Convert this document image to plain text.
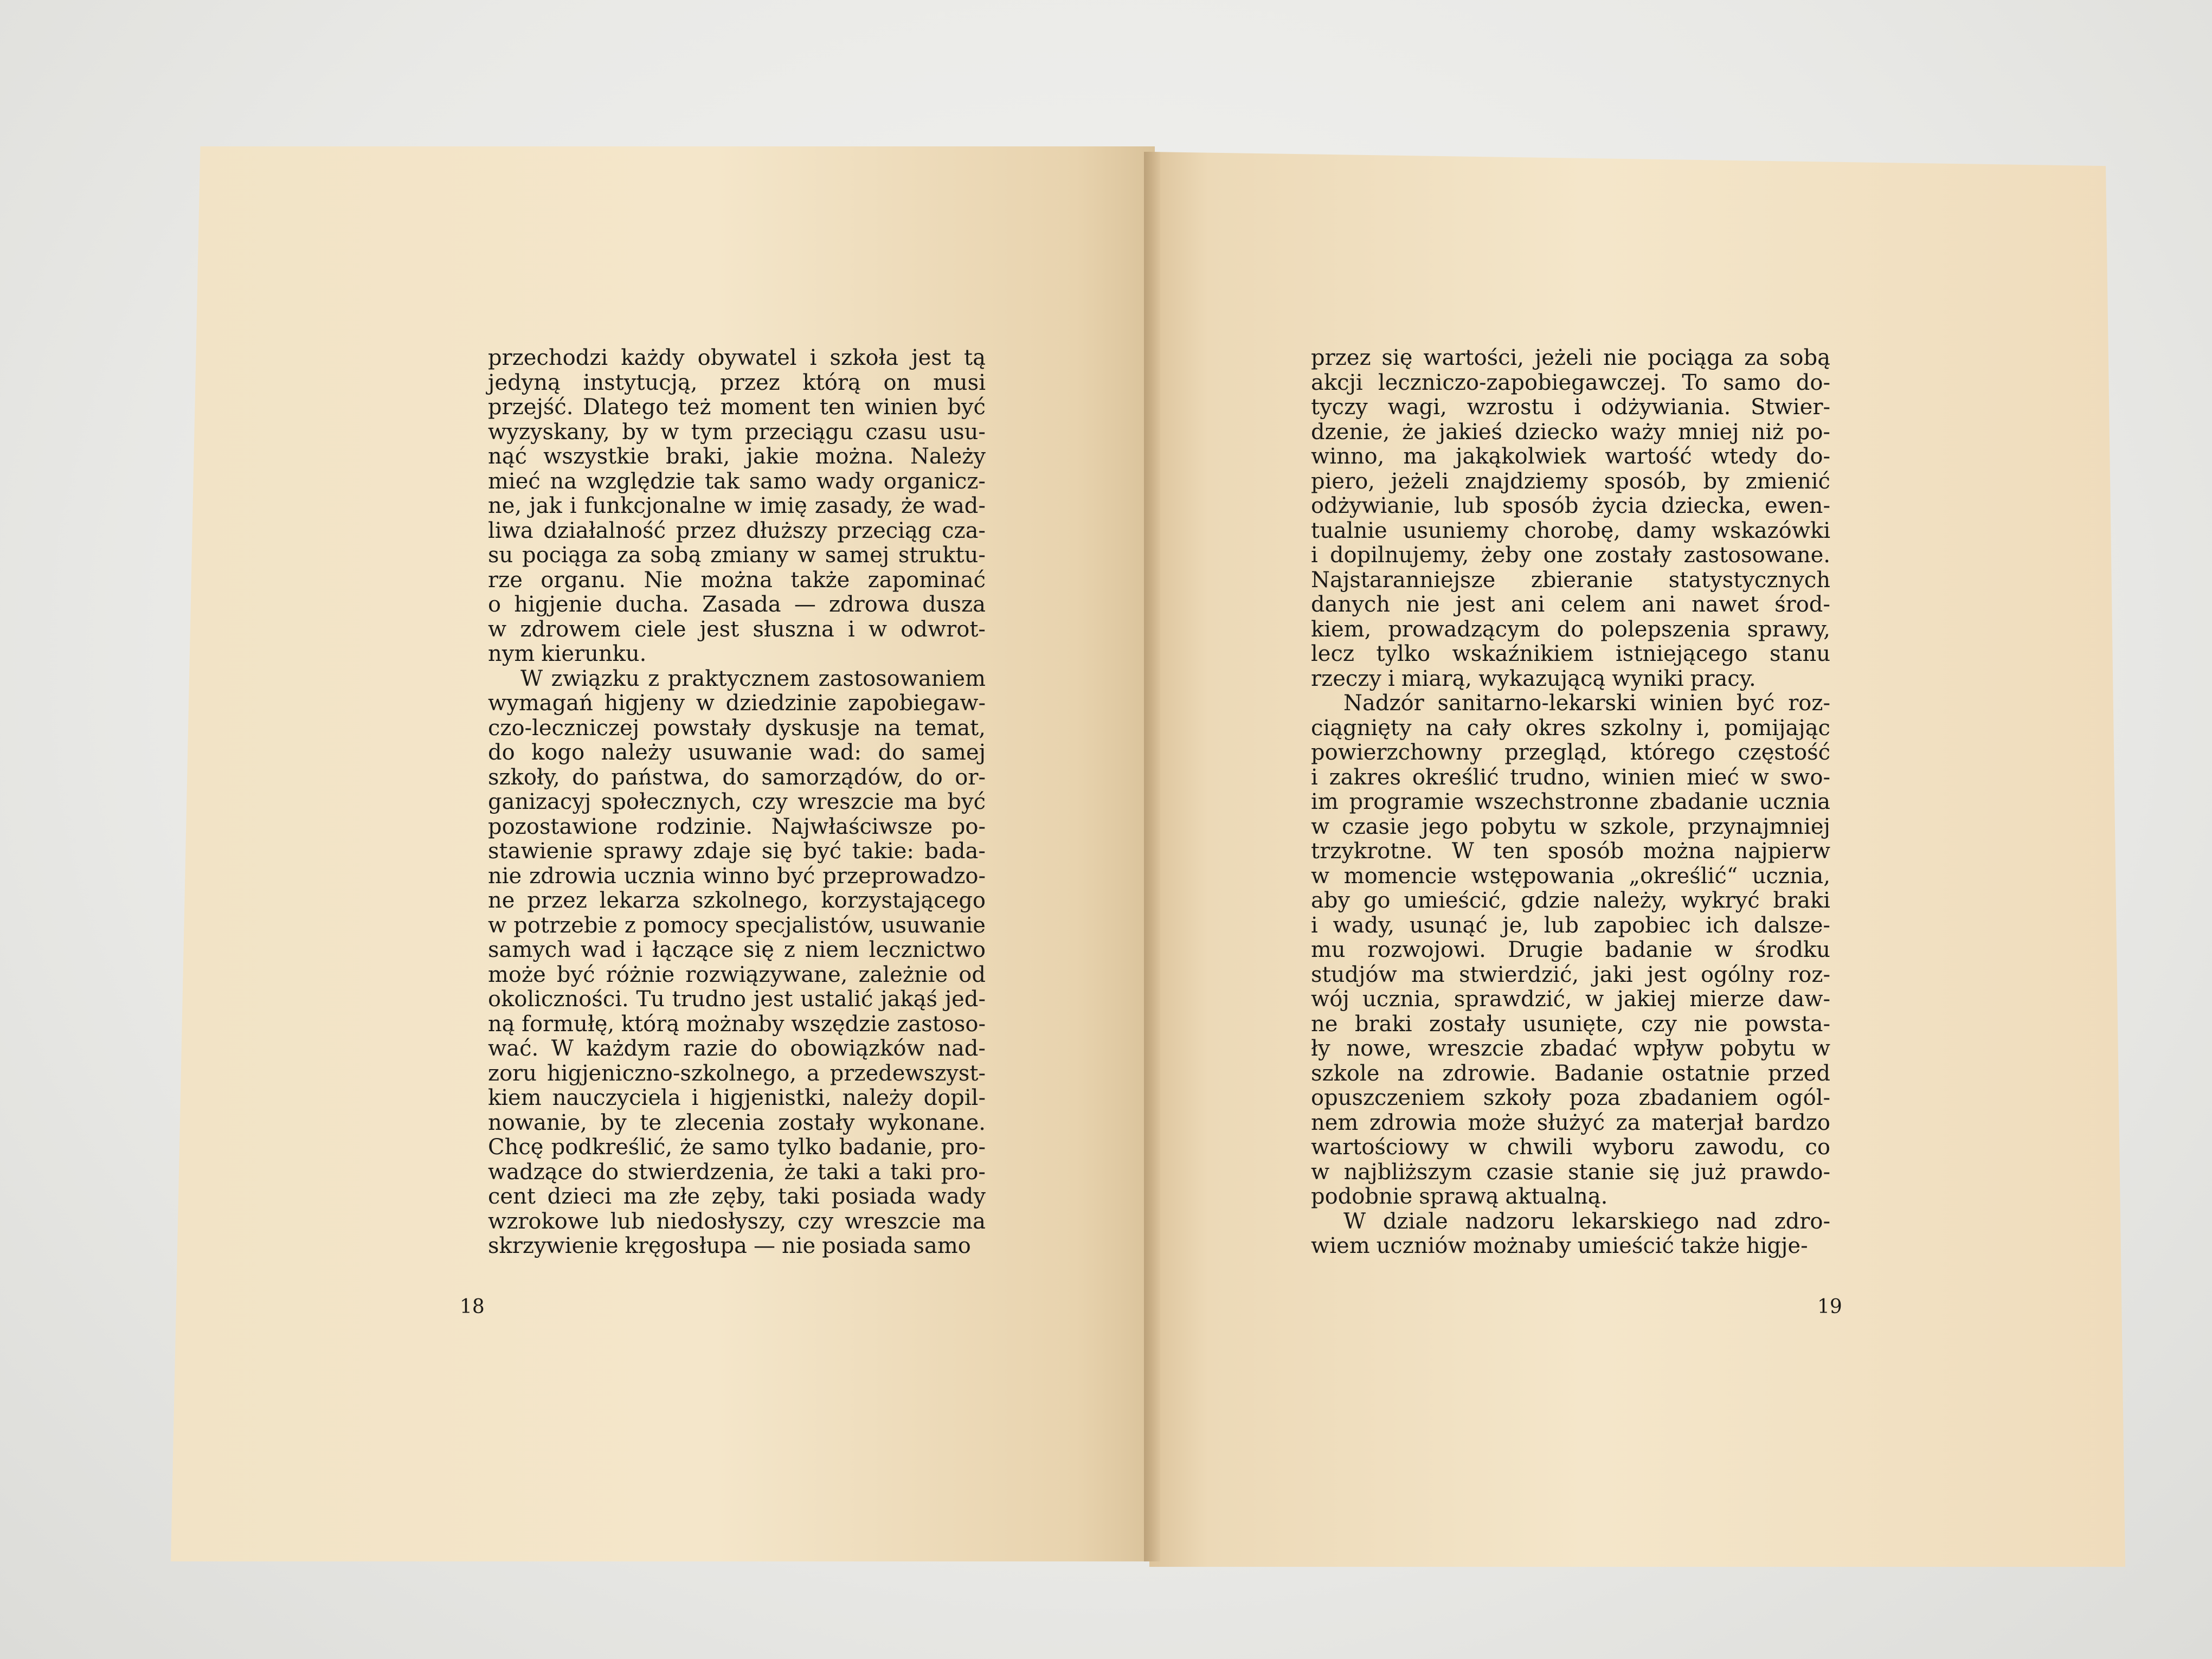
przechodzi każdy obywatel i szkoła jest tą
jedyną instytucją, przez którą on musi
przejść. Dlatego też moment ten winien być
wyzyskany, by w tym przeciągu czasu usu-
nąć wszystkie braki, jakie można. Należy
mieć na względzie tak samo wady organicz-
ne, jak i funkcjonalne w imię zasady, że wad-
liwa działalność przez dłuższy przeciąg cza-
su pociąga za sobą zmiany w samej struktu-
rze organu. Nie można także zapominać
o higjenie ducha. Zasada — zdrowa dusza
w zdrowem ciele jest słuszna i w odwrot-
nym kierunku.
W związku z praktycznem zastosowaniem
wymagań higjeny w dziedzinie zapobiegaw-
czo-leczniczej powstały dyskusje na temat,
do kogo należy usuwanie wad: do samej
szkoły, do państwa, do samorządów, do or-
ganizacyj społecznych, czy wreszcie ma być
pozostawione rodzinie. Najwłaściwsze po-
stawienie sprawy zdaje się być takie: bada-
nie zdrowia ucznia winno być przeprowadzo-
ne przez lekarza szkolnego, korzystającego
w potrzebie z pomocy specjalistów, usuwanie
samych wad i łączące się z niem lecznictwo
może być różnie rozwiązywane, zależnie od
okoliczności. Tu trudno jest ustalić jakąś jed-
ną formułę, którą możnaby wszędzie zastoso-
wać. W każdym razie do obowiązków nad-
zoru higjeniczno-szkolnego, a przedewszyst-
kiem nauczyciela i higjenistki, należy dopil-
nowanie, by te zlecenia zostały wykonane.
Chcę podkreślić, że samo tylko badanie, pro-
wadzące do stwierdzenia, że taki a taki pro-
cent dzieci ma złe zęby, taki posiada wady
wzrokowe lub niedosłyszy, czy wreszcie ma
skrzywienie kręgosłupa — nie posiada samo
przez się wartości, jeżeli nie pociąga za sobą
akcji leczniczo-zapobiegawczej. To samo do-
tyczy wagi, wzrostu i odżywiania. Stwier-
dzenie, że jakieś dziecko waży mniej niż po-
winno, ma jakąkolwiek wartość wtedy do-
piero, jeżeli znajdziemy sposób, by zmienić
odżywianie, lub sposób życia dziecka, ewen-
tualnie usuniemy chorobę, damy wskazówki
i dopilnujemy, żeby one zostały zastosowane.
Najstaranniejsze zbieranie statystycznych
danych nie jest ani celem ani nawet środ-
kiem, prowadzącym do polepszenia sprawy,
lecz tylko wskaźnikiem istniejącego stanu
rzeczy i miarą, wykazującą wyniki pracy.
Nadzór sanitarno-lekarski winien być roz-
ciągnięty na cały okres szkolny i, pomijając
powierzchowny przegląd, którego częstość
i zakres określić trudno, winien mieć w swo-
im programie wszechstronne zbadanie ucznia
w czasie jego pobytu w szkole, przynajmniej
trzykrotne. W ten sposób można najpierw
w momencie wstępowania „określić“ ucznia,
aby go umieścić, gdzie należy, wykryć braki
i wady, usunąć je, lub zapobiec ich dalsze-
mu rozwojowi. Drugie badanie w środku
studjów ma stwierdzić, jaki jest ogólny roz-
wój ucznia, sprawdzić, w jakiej mierze daw-
ne braki zostały usunięte, czy nie powsta-
ły nowe, wreszcie zbadać wpływ pobytu w
szkole na zdrowie. Badanie ostatnie przed
opuszczeniem szkoły poza zbadaniem ogól-
nem zdrowia może służyć za materjał bardzo
wartościowy w chwili wyboru zawodu, co
w najbliższym czasie stanie się już prawdo-
podobnie sprawą aktualną.
W dziale nadzoru lekarskiego nad zdro-
wiem uczniów możnaby umieścić także higje-
18	19
